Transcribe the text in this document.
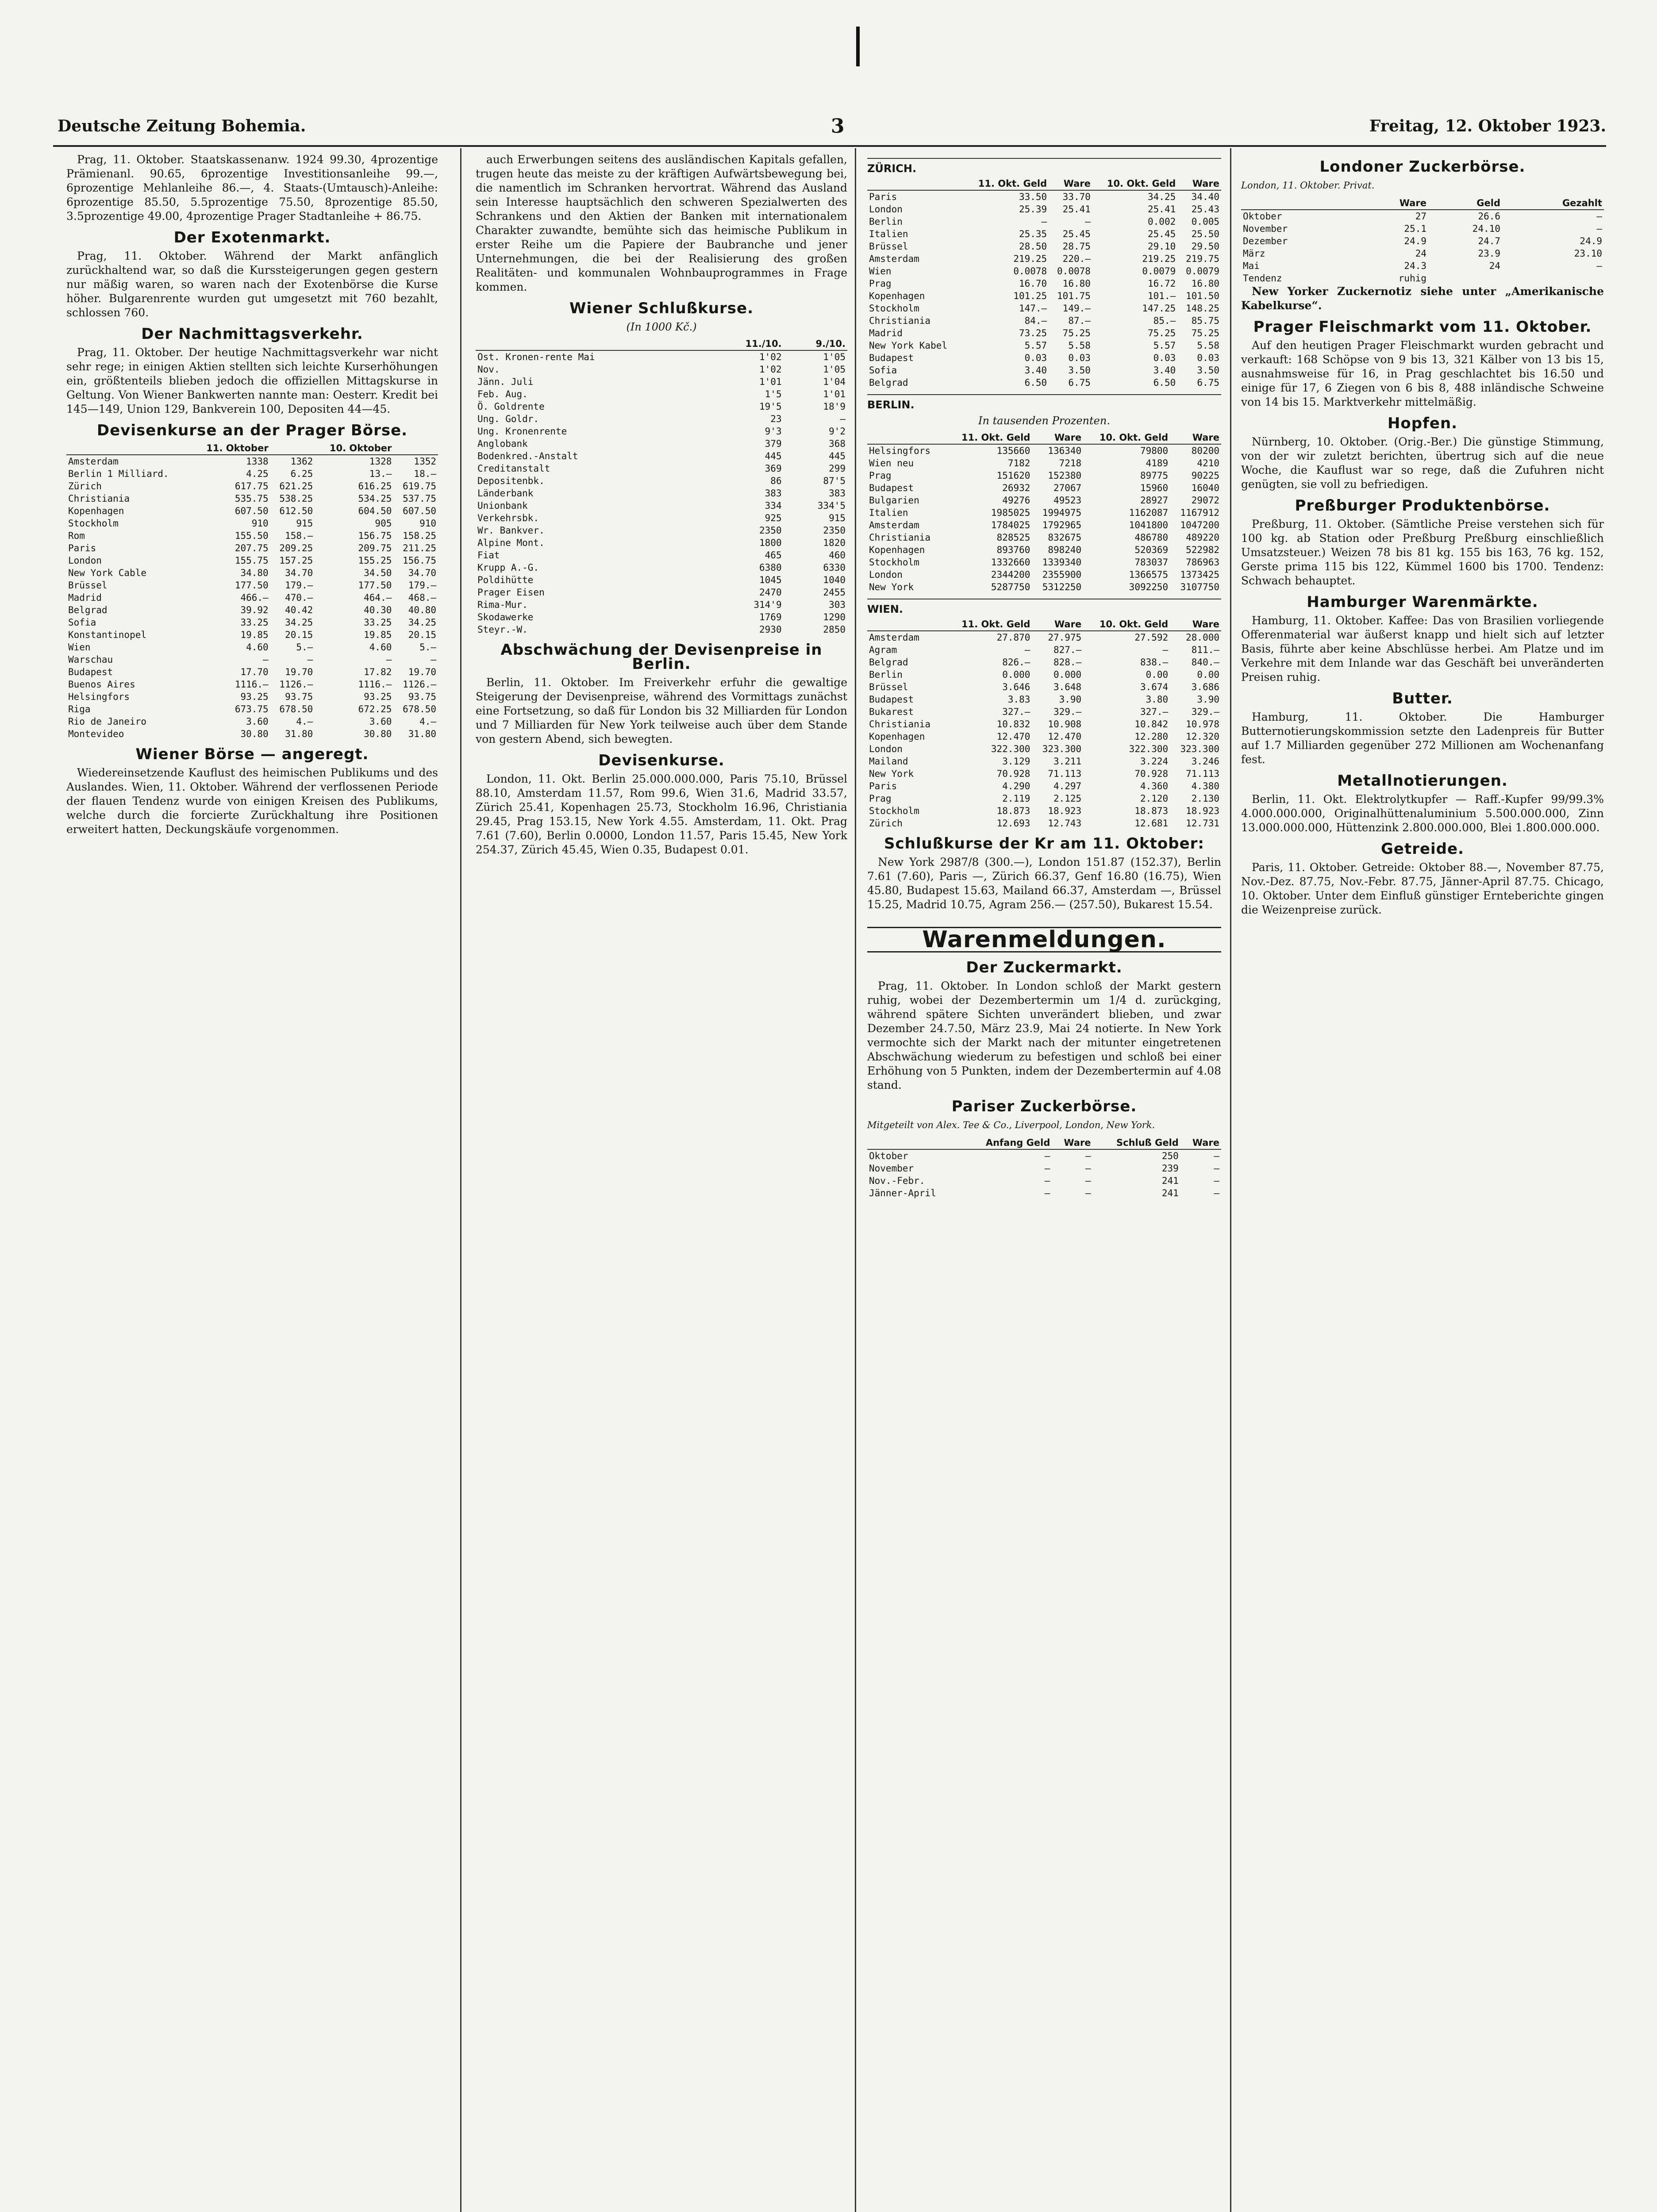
Deutsche Zeitung Bohemia.	3	Freitag, 12. Oktober 1923.

Prag, 11. Oktober. Staatskassenanw. 1924 99.30, 4prozentige Prämienanl. 90.65, 6prozentige Investitionsanleihe 99.—, 6prozentige Mehlanleihe 86.—, 4. Staats-(Umtausch)-Anleihe: 6prozentige 85.50, 5.5prozentige 75.50, 8prozentige 85.50, 3.5prozentige 49.00, 4prozentige Prager Stadtanleihe + 86.75.

Der Exotenmarkt.

Prag, 11. Oktober. Während der Markt anfänglich zurückhaltend war, so daß die Kurssteigerungen gegen gestern nur mäßig waren, so waren nach der Exotenbörse die Kurse höher. Bulgarenrente wurden gut umgesetzt mit 760 bezahlt, schlossen 760.

Der Nachmittagsverkehr.

Prag, 11. Oktober. Der heutige Nachmittagsverkehr war nicht sehr rege; in einigen Aktien stellten sich leichte Kurserhöhungen ein, größtenteils blieben jedoch die offiziellen Mittagskurse in Geltung. Von Wiener Bankwerten nannte man: Oesterr. Kredit bei 145—149, Union 129, Bankverein 100, Depositen 44—45.

Devisenkurse an der Prager Börse.
	11. Oktober		10. Oktober	
Amsterdam	1338	1362	1328	1352
Berlin 1 Milliard.	4.25	6.25	13.—	18.—
Zürich	617.75	621.25	616.25	619.75
Christiania	535.75	538.25	534.25	537.75
Kopenhagen	607.50	612.50	604.50	607.50
Stockholm	910	915	905	910
Rom	155.50	158.—	156.75	158.25
Paris	207.75	209.25	209.75	211.25
London	155.75	157.25	155.25	156.75
New York Cable	34.80	34.70	34.50	34.70
Brüssel	177.50	179.—	177.50	179.—
Madrid	466.—	470.—	464.—	468.—
Belgrad	39.92	40.42	40.30	40.80
Sofia	33.25	34.25	33.25	34.25
Konstantinopel	19.85	20.15	19.85	20.15
Wien	4.60	5.—	4.60	5.—
Warschau	—	—	—	—
Budapest	17.70	19.70	17.82	19.70
Buenos Aires	1116.—	1126.—	1116.—	1126.—
Helsingfors	93.25	93.75	93.25	93.75
Riga	673.75	678.50	672.25	678.50
Rio de Janeiro	3.60	4.—	3.60	4.—
Montevideo	30.80	31.80	30.80	31.80
Wiener Börse — angeregt.

Wiedereinsetzende Kauflust des heimischen Publikums und des Auslandes. Wien, 11. Oktober. Während der verflossenen Periode der flauen Tendenz wurde von einigen Kreisen des Publikums, welche durch die forcierte Zurückhaltung ihre Positionen erweitert hatten, Deckungskäufe vorgenommen.

auch Erwerbungen seitens des ausländischen Kapitals gefallen, trugen heute das meiste zu der kräftigen Aufwärtsbewegung bei, die namentlich im Schranken hervortrat. Während das Ausland sein Interesse hauptsächlich den schweren Spezialwerten des Schrankens und den Aktien der Banken mit internationalem Charakter zuwandte, bemühte sich das heimische Publikum in erster Reihe um die Papiere der Baubranche und jener Unternehmungen, die bei der Realisierung des großen Realitäten- und kommunalen Wohnbauprogrammes in Frage kommen.

Wiener Schlußkurse.
(In 1000 Kč.)
	11./10.	9./10.
Ost. Kronen-rente Mai	1'02	1'05
Nov.	1'02	1'05
Jänn. Juli	1'01	1'04
Feb. Aug.	1'5	1'01
Ö. Goldrente	19'5	18'9
Ung. Goldr.	23	—
Ung. Kronenrente	9'3	9'2
Anglobank	379	368
Bodenkred.-Anstalt	445	445
Creditanstalt	369	299
Depositenbk.	86	87'5
Länderbank	383	383
Unionbank	334	334'5
Verkehrsbk.	925	915
Wr. Bankver.	2350	2350
Alpine Mont.	1800	1820
Fiat	465	460
Krupp A.-G.	6380	6330
Poldihütte	1045	1040
Prager Eisen	2470	2455
Rima-Mur.	314'9	303
Skodawerke	1769	1290
Steyr.-W.	2930	2850
Abschwächung der Devisenpreise in Berlin.

Berlin, 11. Oktober. Im Freiverkehr erfuhr die gewaltige Steigerung der Devisenpreise, während des Vormittags zunächst eine Fortsetzung, so daß für London bis 32 Milliarden für London und 7 Milliarden für New York teilweise auch über dem Stande von gestern Abend, sich bewegten.

Devisenkurse.

London, 11. Okt. Berlin 25.000.000.000, Paris 75.10, Brüssel 88.10, Amsterdam 11.57, Rom 99.6, Wien 31.6, Madrid 33.57, Zürich 25.41, Kopenhagen 25.73, Stockholm 16.96, Christiania 29.45, Prag 153.15, New York 4.55. Amsterdam, 11. Okt. Prag 7.61 (7.60), Berlin 0.0000, London 11.57, Paris 15.45, New York 254.37, Zürich 45.45, Wien 0.35, Budapest 0.01.

ZÜRICH.
	11. Okt. Geld	Ware	10. Okt. Geld	Ware
Paris	33.50	33.70	34.25	34.40
London	25.39	25.41	25.41	25.43
Berlin	—	—	0.002	0.005
Italien	25.35	25.45	25.45	25.50
Brüssel	28.50	28.75	29.10	29.50
Amsterdam	219.25	220.—	219.25	219.75
Wien	0.0078	0.0078	0.0079	0.0079
Prag	16.70	16.80	16.72	16.80
Kopenhagen	101.25	101.75	101.—	101.50
Stockholm	147.—	149.—	147.25	148.25
Christiania	84.—	87.—	85.—	85.75
Madrid	73.25	75.25	75.25	75.25
New York Kabel	5.57	5.58	5.57	5.58
Budapest	0.03	0.03	0.03	0.03
Sofia	3.40	3.50	3.40	3.50
Belgrad	6.50	6.75	6.50	6.75
BERLIN.
In tausenden Prozenten.
	11. Okt. Geld	Ware	10. Okt. Geld	Ware
Helsingfors	135660	136340	79800	80200
Wien neu	7182	7218	4189	4210
Prag	151620	152380	89775	90225
Budapest	26932	27067	15960	16040
Bulgarien	49276	49523	28927	29072
Italien	1985025	1994975	1162087	1167912
Amsterdam	1784025	1792965	1041800	1047200
Christiania	828525	832675	486780	489220
Kopenhagen	893760	898240	520369	522982
Stockholm	1332660	1339340	783037	786963
London	2344200	2355900	1366575	1373425
New York	5287750	5312250	3092250	3107750
WIEN.
	11. Okt. Geld	Ware	10. Okt. Geld	Ware
Amsterdam	27.870	27.975	27.592	28.000
Agram	—	827.—	—	811.—
Belgrad	826.—	828.—	838.—	840.—
Berlin	0.000	0.000	0.00	0.00
Brüssel	3.646	3.648	3.674	3.686
Budapest	3.83	3.90	3.80	3.90
Bukarest	327.—	329.—	327.—	329.—
Christiania	10.832	10.908	10.842	10.978
Kopenhagen	12.470	12.470	12.280	12.320
London	322.300	323.300	322.300	323.300
Mailand	3.129	3.211	3.224	3.246
New York	70.928	71.113	70.928	71.113
Paris	4.290	4.297	4.360	4.380
Prag	2.119	2.125	2.120	2.130
Stockholm	18.873	18.923	18.873	18.923
Zürich	12.693	12.743	12.681	12.731
Schlußkurse der Kr am 11. Oktober:

New York 2987/8 (300.—), London 151.87 (152.37), Berlin 7.61 (7.60), Paris —, Zürich 66.37, Genf 16.80 (16.75), Wien 45.80, Budapest 15.63, Mailand 66.37, Amsterdam —, Brüssel 15.25, Madrid 10.75, Agram 256.— (257.50), Bukarest 15.54.

Warenmeldungen.
Der Zuckermarkt.

Prag, 11. Oktober. In London schloß der Markt gestern ruhig, wobei der Dezembertermin um 1/4 d. zurückging, während spätere Sichten unverändert blieben, und zwar Dezember 24.7.50, März 23.9, Mai 24 notierte. In New York vermochte sich der Markt nach der mitunter eingetretenen Abschwächung wiederum zu befestigen und schloß bei einer Erhöhung von 5 Punkten, indem der Dezembertermin auf 4.08 stand.

Pariser Zuckerbörse.
Mitgeteilt von Alex. Tee & Co., Liverpool, London, New York.
	Anfang Geld	Ware	Schluß Geld	Ware
Oktober	—	—	250	—
November	—	—	239	—
Nov.-Febr.	—	—	241	—
Jänner-April	—	—	241	—
Londoner Zuckerbörse.
London, 11. Oktober. Privat.
	Ware	Geld	Gezahlt
Oktober	27	26.6	—
November	25.1	24.10	—
Dezember	24.9	24.7	24.9
März	24	23.9	23.10
Mai	24.3	24	—
Tendenz	ruhig		

New Yorker Zuckernotiz siehe unter „Amerikanische Kabelkurse“.

Prager Fleischmarkt vom 11. Oktober.

Auf den heutigen Prager Fleischmarkt wurden gebracht und verkauft: 168 Schöpse von 9 bis 13, 321 Kälber von 13 bis 15, ausnahmsweise für 16, in Prag geschlachtet bis 16.50 und einige für 17, 6 Ziegen von 6 bis 8, 488 inländische Schweine von 14 bis 15. Marktverkehr mittelmäßig.

Hopfen.

Nürnberg, 10. Oktober. (Orig.-Ber.) Die günstige Stimmung, von der wir zuletzt berichten, übertrug sich auf die neue Woche, die Kauflust war so rege, daß die Zufuhren nicht genügten, sie voll zu befriedigen.

Preßburger Produktenbörse.

Preßburg, 11. Oktober. (Sämtliche Preise verstehen sich für 100 kg. ab Station oder Preßburg Preßburg einschließlich Umsatzsteuer.) Weizen 78 bis 81 kg. 155 bis 163, 76 kg. 152, Gerste prima 115 bis 122, Kümmel 1600 bis 1700. Tendenz: Schwach behauptet.

Hamburger Warenmärkte.

Hamburg, 11. Oktober. Kaffee: Das von Brasilien vorliegende Offerenmaterial war äußerst knapp und hielt sich auf letzter Basis, führte aber keine Abschlüsse herbei. Am Platze und im Verkehre mit dem Inlande war das Geschäft bei unveränderten Preisen ruhig.

Butter.

Hamburg, 11. Oktober. Die Hamburger Butternotierungskommission setzte den Ladenpreis für Butter auf 1.7 Milliarden gegenüber 272 Millionen am Wochenanfang fest.

Metallnotierungen.

Berlin, 11. Okt. Elektrolytkupfer — Raff.-Kupfer 99/99.3% 4.000.000.000, Originalhüttenaluminium 5.500.000.000, Zinn 13.000.000.000, Hüttenzink 2.800.000.000, Blei 1.800.000.000.

Getreide.

Paris, 11. Oktober. Getreide: Oktober 88.—, November 87.75, Nov.-Dez. 87.75, Nov.-Febr. 87.75, Jänner-April 87.75. Chicago, 10. Oktober. Unter dem Einfluß günstiger Ernteberichte gingen die Weizenpreise zurück.
